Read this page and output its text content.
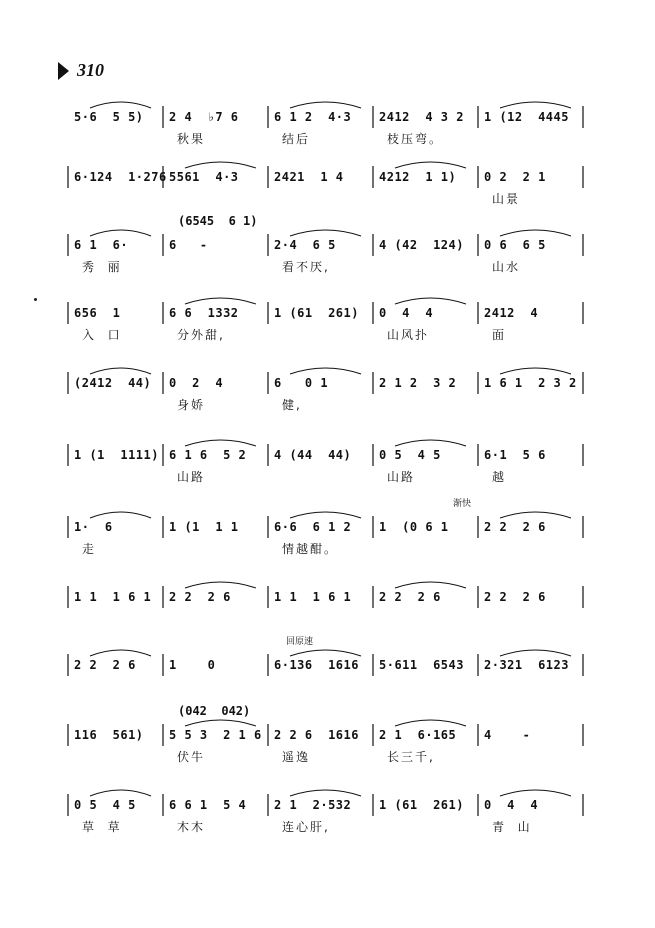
310
5·6  5 5) 2 4  ♭7 6
秋果
6 1 2  4·3
结后
2412  4 3 2
枝压弯。
1 (12  4445
6·124  1·276 5561  4·3	2421  1 4	4212  1 1) 0 2  2 1
山景
(6545  6 1)
6 1  6·
秀  丽
6   -	2·4  6 5
看不厌,
4 (42  124) 0 6  6 5
山水
656  1
入  口
6 6  1332
分外甜,
1 (61  261) 0  4  4
山风扑
2412  4
面
(2412  44) 0  2  4
身娇
6   0 1
健,
2 1 2  3 2 1 6 1  2 3 2
1 (1  1111) 6 1 6  5 2
山路
4 (44  44) 0 5  4 5
山路
6·1  5 6
越
渐快
1·  6
走
1 (1  1 1	6·6  6 1 2
情越酣。
1  (0 6 1	2 2  2 6
1 1  1 6 1 2 2  2 6	1 1  1 6 1 2 2  2 6	2 2  2 6
回原速
2 2  2 6	1    0	6·136  1616 5·611  6543 2·321  6123
(042  042)
116  561) 5 5 3  2 1 6
伏牛
2 2 6  1616
遥逸
2 1  6·165
长三千,
4    -
0 5  4 5
草  草
6 6 1  5 4
木木
2 1  2·532
连心肝,
1 (61  261) 0  4  4
青  山
